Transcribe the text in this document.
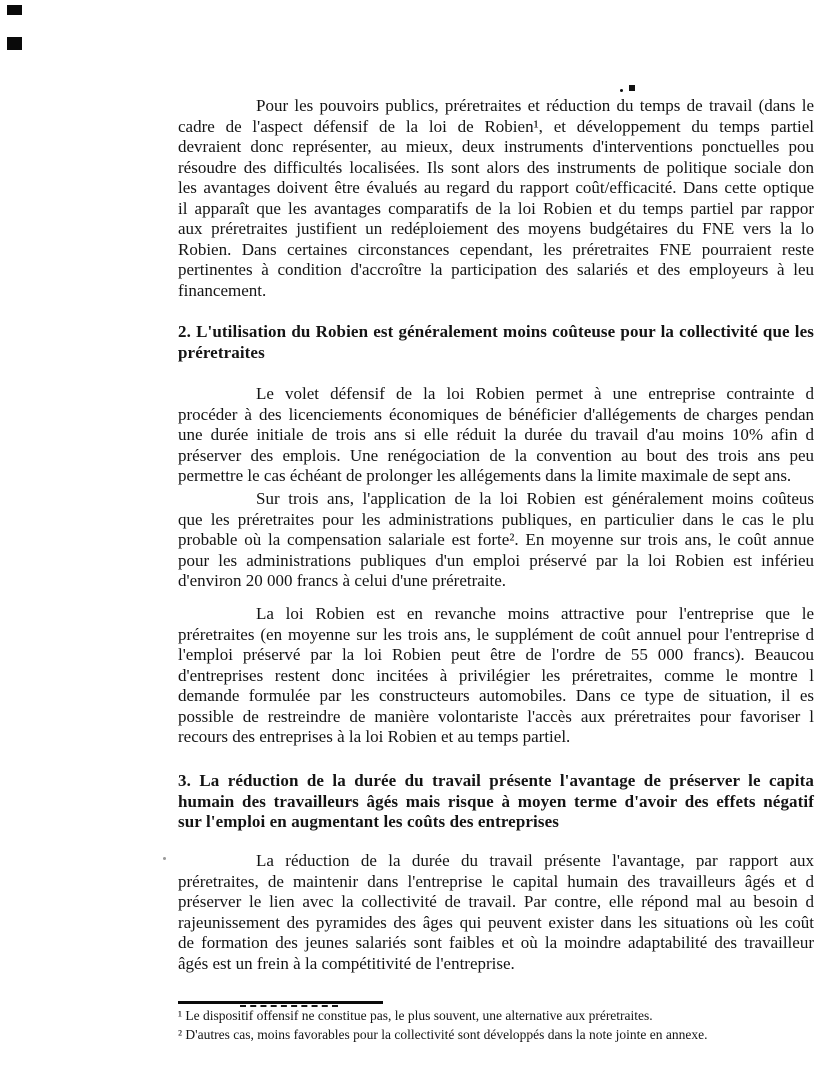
Pour les pouvoirs publics, préretraites et réduction du temps de travail (dans le
cadre de l'aspect défensif de la loi de Robien¹, et développement du temps partiel
devraient donc représenter, au mieux, deux instruments d'interventions ponctuelles pou
résoudre des difficultés localisées. Ils sont alors des instruments de politique sociale don
les avantages doivent être évalués au regard du rapport coût/efficacité. Dans cette optique
il apparaît que les avantages comparatifs de la loi Robien et du temps partiel par rappor
aux préretraites justifient un redéploiement des moyens budgétaires du FNE vers la lo
Robien. Dans certaines circonstances cependant, les préretraites FNE pourraient reste
pertinentes à condition d'accroître la participation des salariés et des employeurs à leu
financement.
2. L'utilisation du Robien est généralement moins coûteuse pour la collectivité que les
préretraites
Le volet défensif de la loi Robien permet à une entreprise contrainte d
procéder à des licenciements économiques de bénéficier d'allégements de charges pendan
une durée initiale de trois ans si elle réduit la durée du travail d'au moins 10% afin d
préserver des emplois. Une renégociation de la convention au bout des trois ans peu
permettre le cas échéant de prolonger les allégements dans la limite maximale de sept ans.
Sur trois ans, l'application de la loi Robien est généralement moins coûteus
que les préretraites pour les administrations publiques, en particulier dans le cas le plu
probable où la compensation salariale est forte². En moyenne sur trois ans, le coût annue
pour les administrations publiques d'un emploi préservé par la loi Robien est inférieu
d'environ 20 000 francs à celui d'une préretraite.
La loi Robien est en revanche moins attractive pour l'entreprise que le
préretraites (en moyenne sur les trois ans, le supplément de coût annuel pour l'entreprise d
l'emploi préservé par la loi Robien peut être de l'ordre de 55 000 francs). Beaucou
d'entreprises restent donc incitées à privilégier les préretraites, comme le montre l
demande formulée par les constructeurs automobiles. Dans ce type de situation, il es
possible de restreindre de manière volontariste l'accès aux préretraites pour favoriser l
recours des entreprises à la loi Robien et au temps partiel.
3. La réduction de la durée du travail présente l'avantage de préserver le capita
humain des travailleurs âgés mais risque à moyen terme d'avoir des effets négatif
sur l'emploi en augmentant les coûts des entreprises
La réduction de la durée du travail présente l'avantage, par rapport aux
préretraites, de maintenir dans l'entreprise le capital humain des travailleurs âgés et d
préserver le lien avec la collectivité de travail. Par contre, elle répond mal au besoin d
rajeunissement des pyramides des âges qui peuvent exister dans les situations où les coût
de formation des jeunes salariés sont faibles et où la moindre adaptabilité des travailleur
âgés est un frein à la compétitivité de l'entreprise.
¹ Le dispositif offensif ne constitue pas, le plus souvent, une alternative aux préretraites.
² D'autres cas, moins favorables pour la collectivité sont développés dans la note jointe en annexe.
